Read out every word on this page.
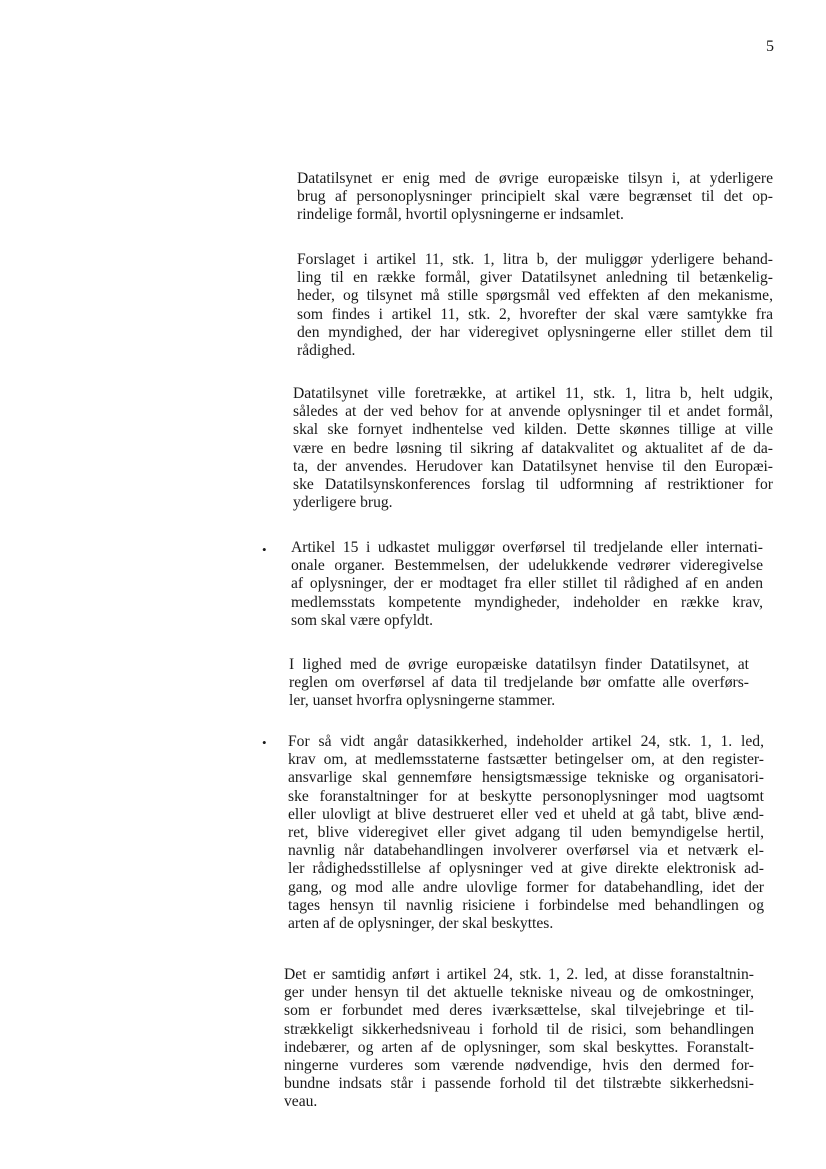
5
Datatilsynet er enig med de øvrige europæiske tilsyn i, at yderligere
brug af personoplysninger principielt skal være begrænset til det op-
rindelige formål, hvortil oplysningerne er indsamlet.
Forslaget i artikel 11, stk. 1, litra b, der muliggør yderligere behand-
ling til en række formål, giver Datatilsynet anledning til betænkelig-
heder, og tilsynet må stille spørgsmål ved effekten af den mekanisme,
som findes i artikel 11, stk. 2, hvorefter der skal være samtykke fra
den myndighed, der har videregivet oplysningerne eller stillet dem til
rådighed.
Datatilsynet ville foretrække, at artikel 11, stk. 1, litra b, helt udgik,
således at der ved behov for at anvende oplysninger til et andet formål,
skal ske fornyet indhentelse ved kilden. Dette skønnes tillige at ville
være en bedre løsning til sikring af datakvalitet og aktualitet af de da-
ta, der anvendes. Herudover kan Datatilsynet henvise til den Europæi-
ske Datatilsynskonferences forslag til udformning af restriktioner for
yderligere brug.
• Artikel 15 i udkastet muliggør overførsel til tredjelande eller internati-
onale organer. Bestemmelsen, der udelukkende vedrører videregivelse
af oplysninger, der er modtaget fra eller stillet til rådighed af en anden
medlemsstats kompetente myndigheder, indeholder en række krav,
som skal være opfyldt.
I lighed med de øvrige europæiske datatilsyn finder Datatilsynet, at
reglen om overførsel af data til tredjelande bør omfatte alle overførs-
ler, uanset hvorfra oplysningerne stammer.
• For så vidt angår datasikkerhed, indeholder artikel 24, stk. 1, 1. led,
krav om, at medlemsstaterne fastsætter betingelser om, at den register-
ansvarlige skal gennemføre hensigtsmæssige tekniske og organisatori-
ske foranstaltninger for at beskytte personoplysninger mod uagtsomt
eller ulovligt at blive destrueret eller ved et uheld at gå tabt, blive ænd-
ret, blive videregivet eller givet adgang til uden bemyndigelse hertil,
navnlig når databehandlingen involverer overførsel via et netværk el-
ler rådighedsstillelse af oplysninger ved at give direkte elektronisk ad-
gang, og mod alle andre ulovlige former for databehandling, idet der
tages hensyn til navnlig risiciene i forbindelse med behandlingen og
arten af de oplysninger, der skal beskyttes.
Det er samtidig anført i artikel 24, stk. 1, 2. led, at disse foranstaltnin-
ger under hensyn til det aktuelle tekniske niveau og de omkostninger,
som er forbundet med deres iværksættelse, skal tilvejebringe et til-
strækkeligt sikkerhedsniveau i forhold til de risici, som behandlingen
indebærer, og arten af de oplysninger, som skal beskyttes. Foranstalt-
ningerne vurderes som værende nødvendige, hvis den dermed for-
bundne indsats står i passende forhold til det tilstræbte sikkerhedsni-
veau.
